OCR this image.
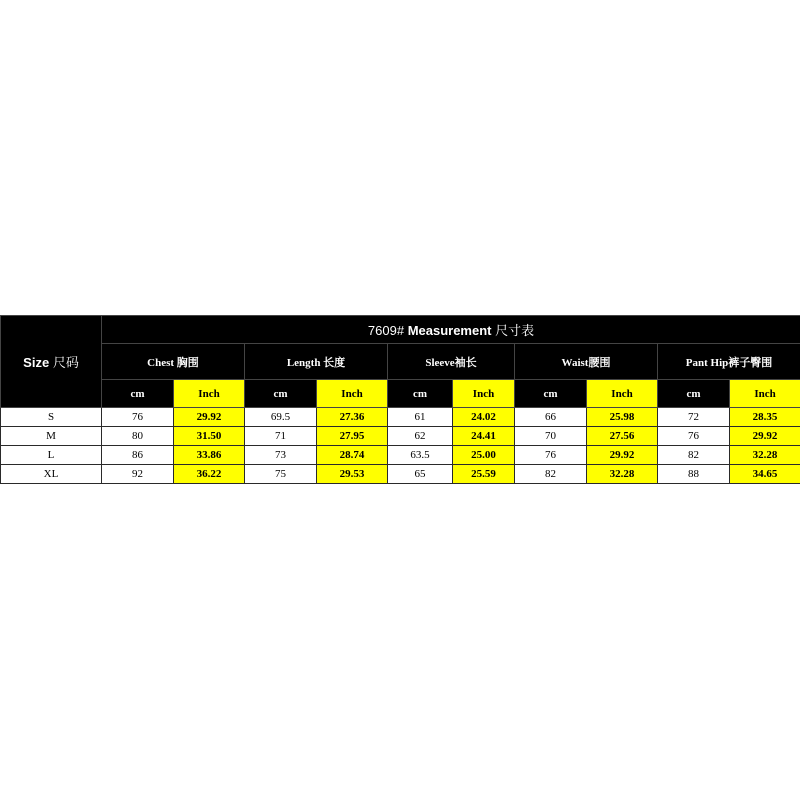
Size 尺码	7609# Measurement 尺寸表									
	Chest 胸围		Length 长度		Sleeve袖长		Waist腰围		Pant Hip裤子臀围	
	cm	Inch	cm	Inch	cm	Inch	cm	Inch	cm	Inch
S	76	29.92	69.5	27.36	61	24.02	66	25.98	72	28.35
M	80	31.50	71	27.95	62	24.41	70	27.56	76	29.92
L	86	33.86	73	28.74	63.5	25.00	76	29.92	82	32.28
XL	92	36.22	75	29.53	65	25.59	82	32.28	88	34.65
